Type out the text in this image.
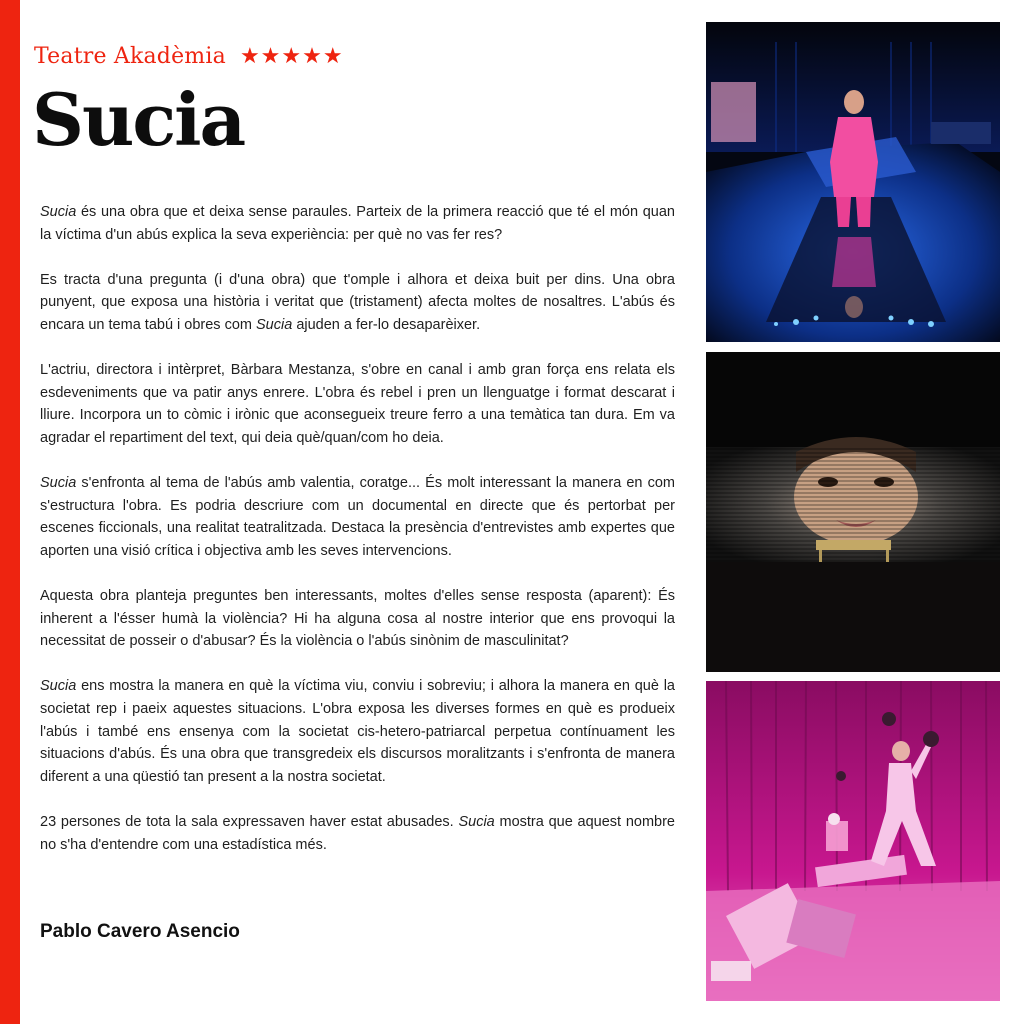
Teatre Akadèmia ★★★★★
Sucia

Sucia és una obra que et deixa sense paraules. Parteix de la primera reacció que té el món quan la víctima d'un abús explica la seva experiència: per què no vas fer res?

Es tracta d'una pregunta (i d'una obra) que t'omple i alhora et deixa buit per dins. Una obra punyent, que exposa una història i veritat que (tristament) afecta moltes de nosaltres. L'abús és encara un tema tabú i obres com Sucia ajuden a fer-lo desaparèixer.

L'actriu, directora i intèrpret, Bàrbara Mestanza, s'obre en canal i amb gran força ens relata els esdeveniments que va patir anys enrere. L'obra és rebel i pren un llenguatge i format descarat i lliure. Incorpora un to còmic i irònic que aconsegueix treure ferro a una temàtica tan dura. Em va agradar el repartiment del text, qui deia què/quan/com ho deia.

Sucia s'enfronta al tema de l'abús amb valentia, coratge... És molt interessant la manera en com s'estructura l'obra. Es podria descriure com un documental en directe que és pertorbat per escenes ficcionals, una realitat teatralitzada. Destaca la presència d'entrevistes amb expertes que aporten una visió crítica i objectiva amb les seves intervencions.

Aquesta obra planteja preguntes ben interessants, moltes d'elles sense resposta (aparent): És inherent a l'ésser humà la violència? Hi ha alguna cosa al nostre interior que ens provoqui la necessitat de posseir o d'abusar? És la violència o l'abús sinònim de masculinitat?

Sucia ens mostra la manera en què la víctima viu, conviu i sobreviu; i alhora la manera en què la societat rep i paeix aquestes situacions. L'obra exposa les diverses formes en què es produeix l'abús i també ens ensenya com la societat cis-hetero-patriarcal perpetua contínuament les situacions d'abús. És una obra que transgredeix els discursos moralitzants i s'enfronta de manera diferent a una qüestió tan present a la nostra societat.

23 persones de tota la sala expressaven haver estat abusades. Sucia mostra que aquest nombre no s'ha d'entendre com una estadística més.

Pablo Cavero Asencio
